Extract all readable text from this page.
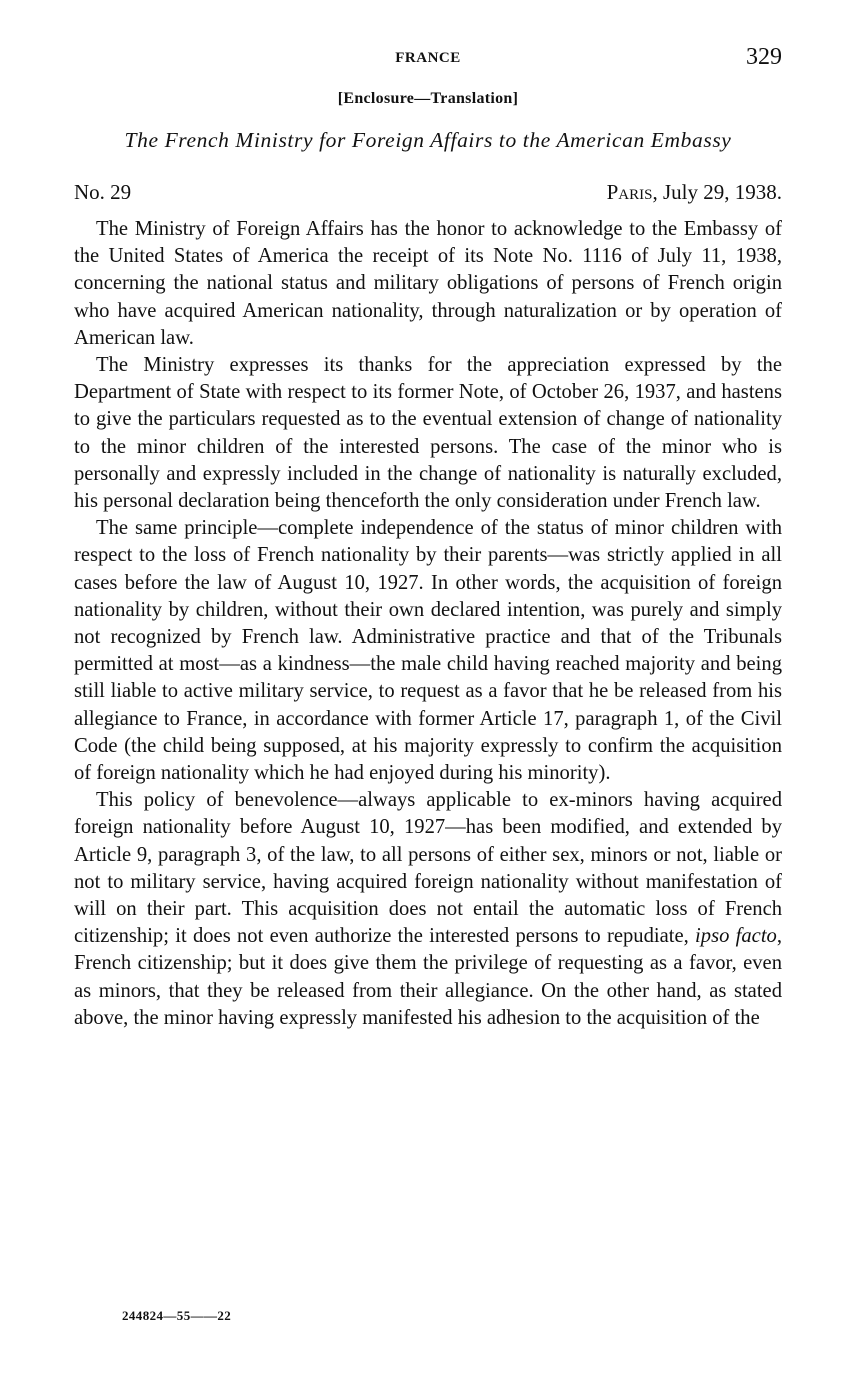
FRANCE	329
[Enclosure—Translation]
The French Ministry for Foreign Affairs to the American Embassy
No. 29	Paris, July 29, 1938.

The Ministry of Foreign Affairs has the honor to acknowledge to the Embassy of the United States of America the receipt of its Note No. 1116 of July 11, 1938, concerning the national status and military obligations of persons of French origin who have acquired American nationality, through naturalization or by operation of American law.

The Ministry expresses its thanks for the appreciation expressed by the Department of State with respect to its former Note, of October 26, 1937, and hastens to give the particulars requested as to the eventual extension of change of nationality to the minor children of the interested persons. The case of the minor who is personally and expressly included in the change of nationality is naturally excluded, his personal declaration being thenceforth the only consideration under French law.

The same principle—complete independence of the status of minor children with respect to the loss of French nationality by their parents—was strictly applied in all cases before the law of August 10, 1927. In other words, the acquisition of foreign nationality by children, without their own declared intention, was purely and simply not recognized by French law. Administrative practice and that of the Tribunals permitted at most—as a kindness—the male child having reached majority and being still liable to active military service, to request as a favor that he be released from his allegiance to France, in accordance with former Article 17, paragraph 1, of the Civil Code (the child being supposed, at his majority expressly to confirm the acquisition of foreign nationality which he had enjoyed during his minority).

This policy of benevolence—always applicable to ex-minors having acquired foreign nationality before August 10, 1927—has been modified, and extended by Article 9, paragraph 3, of the law, to all persons of either sex, minors or not, liable or not to military service, having acquired foreign nationality without manifestation of will on their part. This acquisition does not entail the automatic loss of French citizenship; it does not even authorize the interested persons to repudiate, ipso facto, French citizenship; but it does give them the privilege of requesting as a favor, even as minors, that they be released from their allegiance. On the other hand, as stated above, the minor having expressly manifested his adhesion to the acquisition of the

244824—55——22
